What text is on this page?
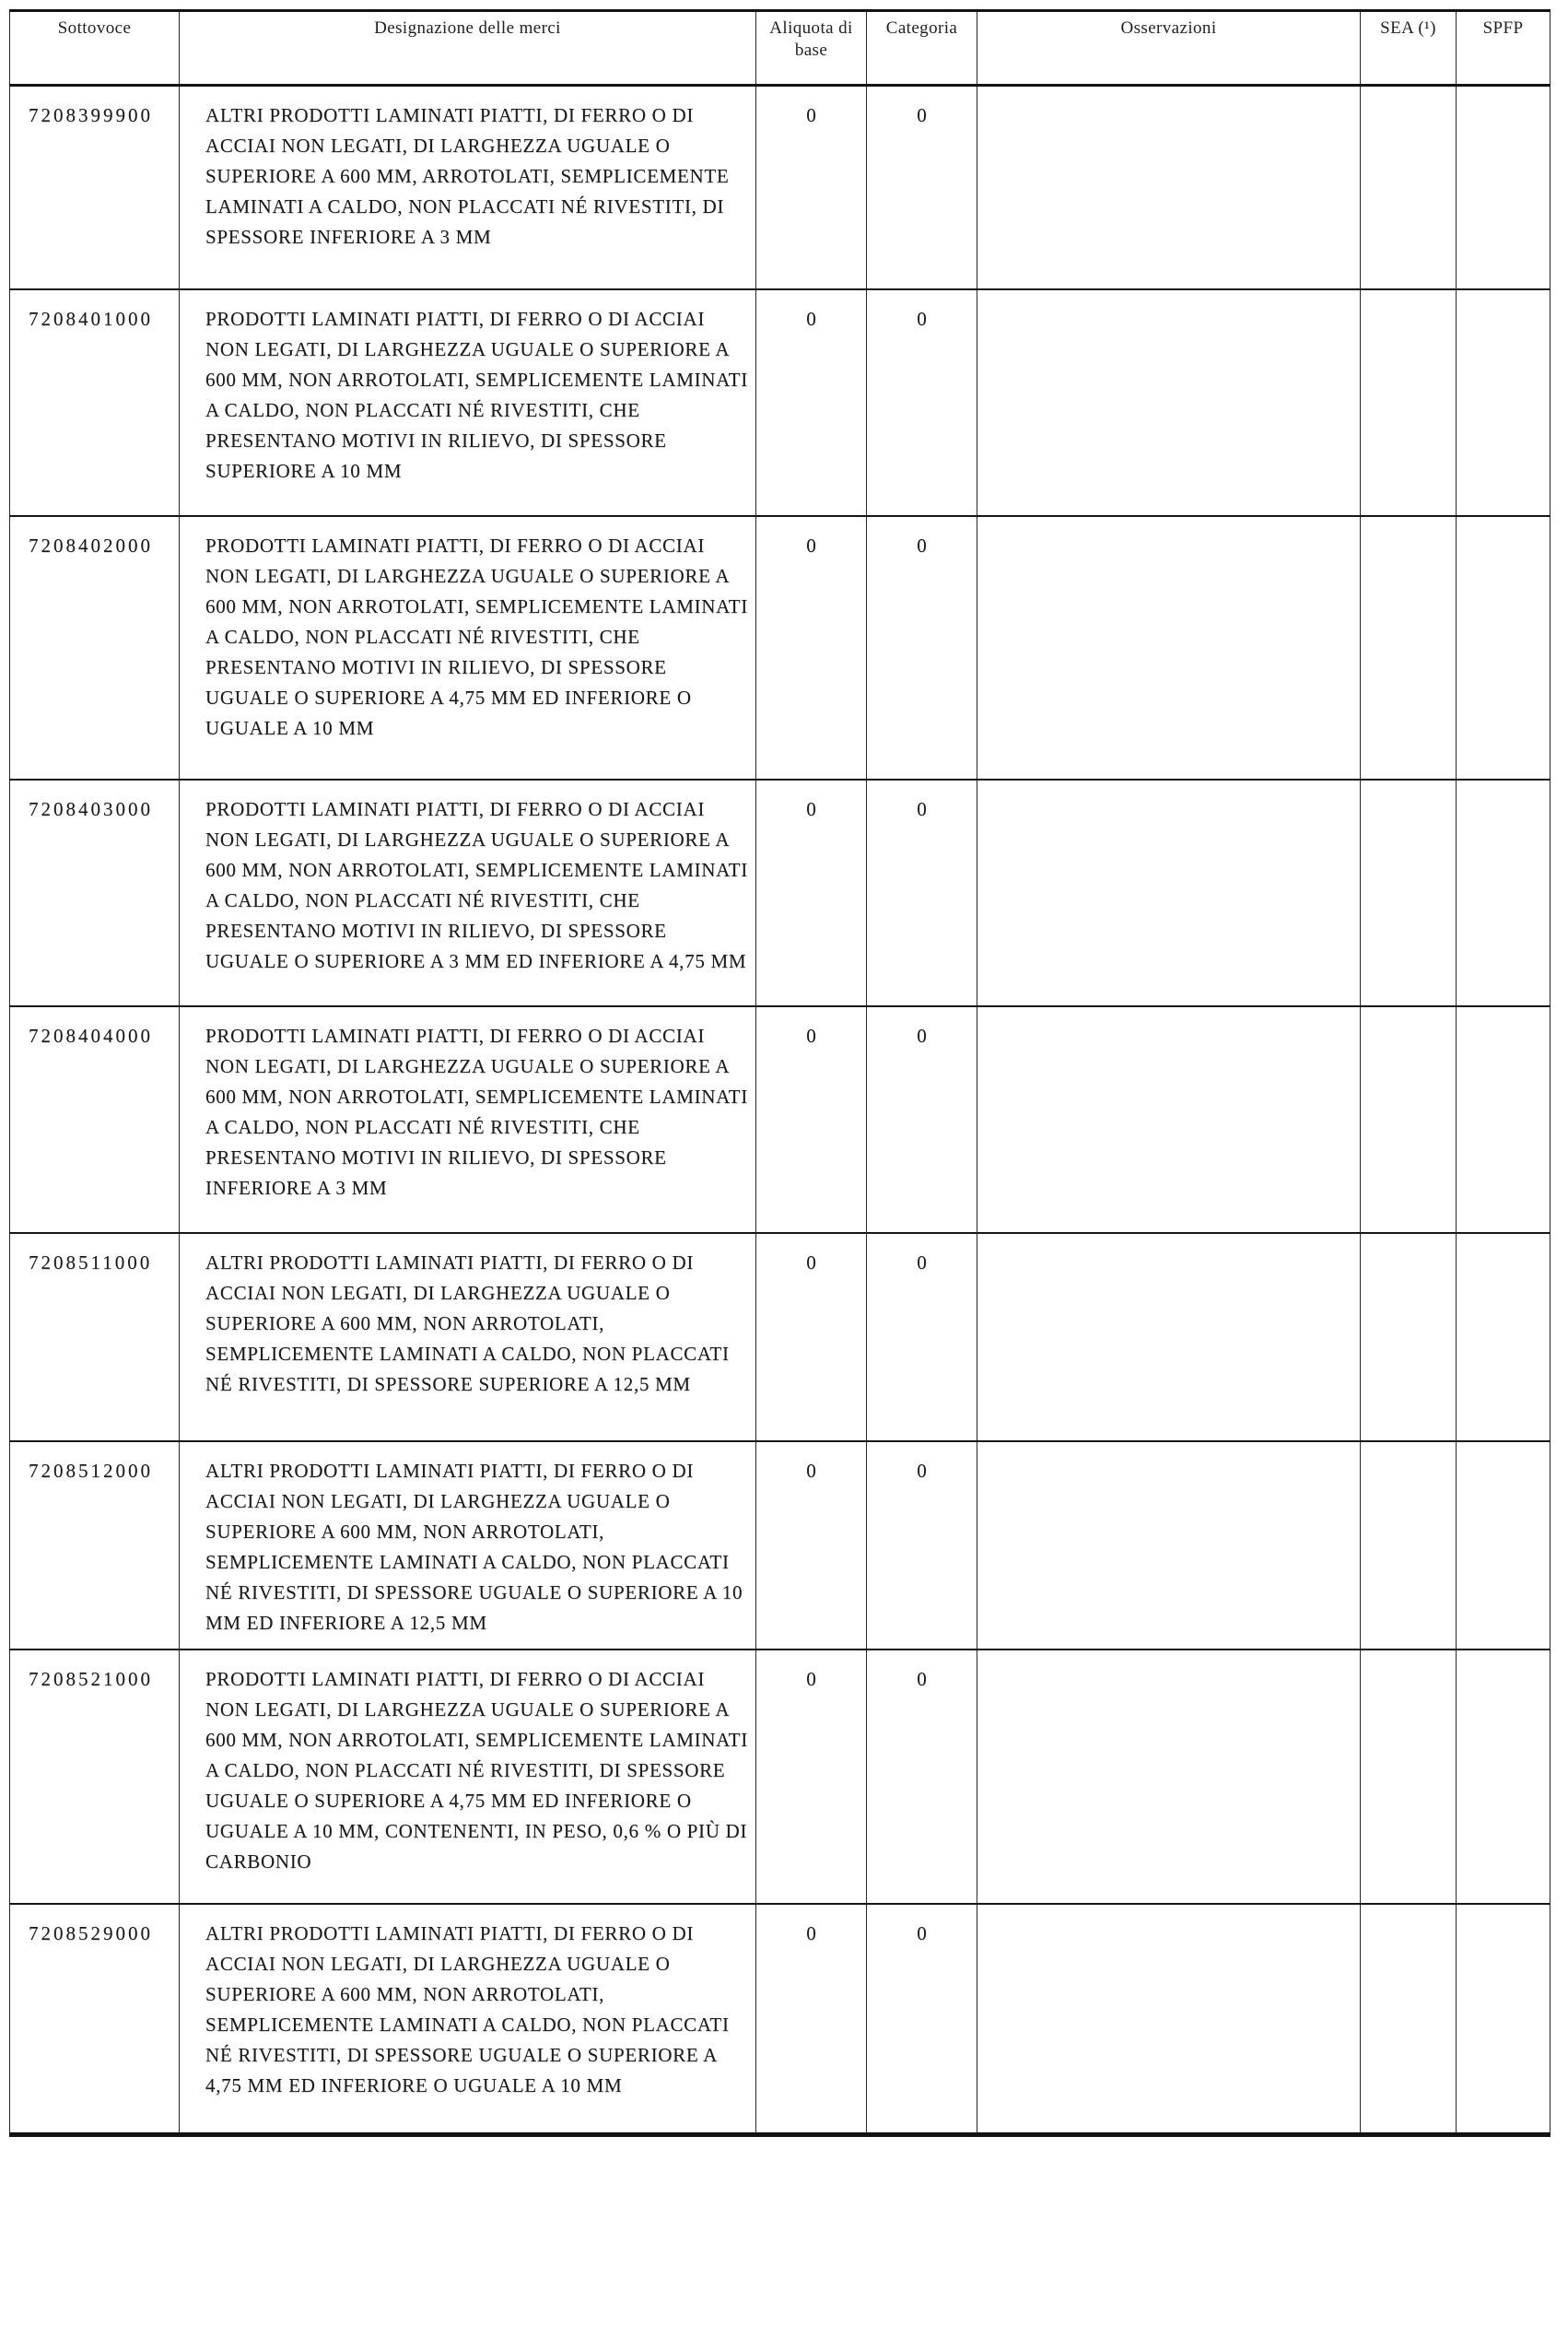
Sottovoce	Designazione delle merci	Aliquota di base	Categoria	Osservazioni	SEA (¹)	SPFP
7208399900	ALTRI PRODOTTI LAMINATI PIATTI, DI FERRO O DI ACCIAI NON LEGATI, DI LARGHEZZA UGUALE O SUPERIORE A 600 MM, ARROTOLATI, SEMPLICEMENTE LAMINATI A CALDO, NON PLACCATI NÉ RIVESTITI, DI SPESSORE INFERIORE A 3 MM	0	0			
7208401000	PRODOTTI LAMINATI PIATTI, DI FERRO O DI ACCIAI NON LEGATI, DI LARGHEZZA UGUALE O SUPERIORE A 600 MM, NON ARROTOLATI, SEMPLICEMENTE LAMINATI A CALDO, NON PLACCATI NÉ RIVESTITI, CHE PRESENTANO MOTIVI IN RILIEVO, DI SPESSORE SUPERIORE A 10 MM	0	0			
7208402000	PRODOTTI LAMINATI PIATTI, DI FERRO O DI ACCIAI NON LEGATI, DI LARGHEZZA UGUALE O SUPERIORE A 600 MM, NON ARROTOLATI, SEMPLICEMENTE LAMINATI A CALDO, NON PLACCATI NÉ RIVESTITI, CHE PRESENTANO MOTIVI IN RILIEVO, DI SPESSORE UGUALE O SUPERIORE A 4,75 MM ED INFERIORE O UGUALE A 10 MM	0	0			
7208403000	PRODOTTI LAMINATI PIATTI, DI FERRO O DI ACCIAI NON LEGATI, DI LARGHEZZA UGUALE O SUPERIORE A 600 MM, NON ARROTOLATI, SEMPLICEMENTE LAMINATI A CALDO, NON PLACCATI NÉ RIVESTITI, CHE PRESENTANO MOTIVI IN RILIEVO, DI SPESSORE UGUALE O SUPERIORE A 3 MM ED INFERIORE A 4,75 MM	0	0			
7208404000	PRODOTTI LAMINATI PIATTI, DI FERRO O DI ACCIAI NON LEGATI, DI LARGHEZZA UGUALE O SUPERIORE A 600 MM, NON ARROTOLATI, SEMPLICEMENTE LAMINATI A CALDO, NON PLACCATI NÉ RIVESTITI, CHE PRESENTANO MOTIVI IN RILIEVO, DI SPESSORE INFERIORE A 3 MM	0	0			
7208511000	ALTRI PRODOTTI LAMINATI PIATTI, DI FERRO O DI ACCIAI NON LEGATI, DI LARGHEZZA UGUALE O SUPERIORE A 600 MM, NON ARROTOLATI, SEMPLICEMENTE LAMINATI A CALDO, NON PLACCATI NÉ RIVESTITI, DI SPESSORE SUPERIORE A 12,5 MM	0	0			
7208512000	ALTRI PRODOTTI LAMINATI PIATTI, DI FERRO O DI ACCIAI NON LEGATI, DI LARGHEZZA UGUALE O SUPERIORE A 600 MM, NON ARROTOLATI, SEMPLICEMENTE LAMINATI A CALDO, NON PLACCATI NÉ RIVESTITI, DI SPESSORE UGUALE O SUPERIORE A 10 MM ED INFERIORE A 12,5 MM	0	0			
7208521000	PRODOTTI LAMINATI PIATTI, DI FERRO O DI ACCIAI NON LEGATI, DI LARGHEZZA UGUALE O SUPERIORE A 600 MM, NON ARROTOLATI, SEMPLICEMENTE LAMINATI A CALDO, NON PLACCATI NÉ RIVESTITI, DI SPESSORE UGUALE O SUPERIORE A 4,75 MM ED INFERIORE O UGUALE A 10 MM, CONTENENTI, IN PESO, 0,6 % O PIÙ DI CARBONIO	0	0			
7208529000	ALTRI PRODOTTI LAMINATI PIATTI, DI FERRO O DI ACCIAI NON LEGATI, DI LARGHEZZA UGUALE O SUPERIORE A 600 MM, NON ARROTOLATI, SEMPLICEMENTE LAMINATI A CALDO, NON PLACCATI NÉ RIVESTITI, DI SPESSORE UGUALE O SUPERIORE A 4,75 MM ED INFERIORE O UGUALE A 10 MM	0	0			
